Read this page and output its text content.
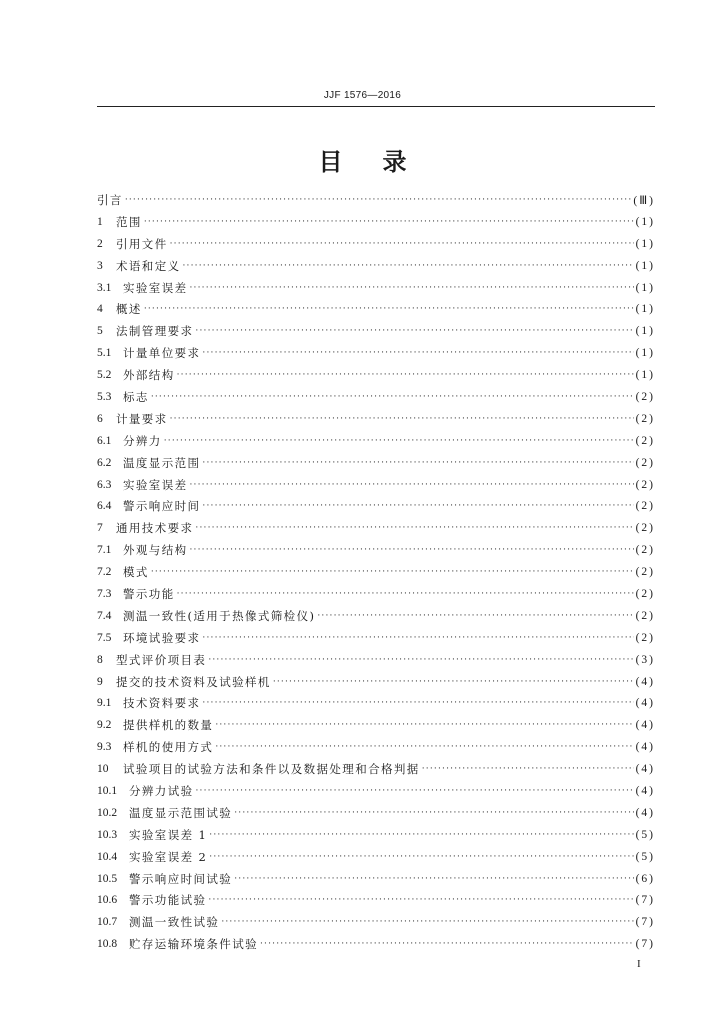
JJF 1576—2016
目 录
引言 ·····	(Ⅲ)
1	范围 ·····	(1)
2	引用文件 ·····	(1)
3	术语和定义 ·····	(1)
3.1	实验室误差 ·····	(1)
4	概述 ·····	(1)
5	法制管理要求 ·····	(1)
5.1	计量单位要求 ·····	(1)
5.2	外部结构 ·····	(1)
5.3	标志 ·····	(2)
6	计量要求 ·····	(2)
6.1	分辨力 ·····	(2)
6.2	温度显示范围 ·····	(2)
6.3	实验室误差 ·····	(2)
6.4	警示响应时间 ·····	(2)
7	通用技术要求 ·····	(2)
7.1	外观与结构 ·····	(2)
7.2	模式 ·····	(2)
7.3	警示功能 ·····	(2)
7.4	测温一致性(适用于热像式筛检仪) ·····	(2)
7.5	环境试验要求 ·····	(2)
8	型式评价项目表 ·····	(3)
9	提交的技术资料及试验样机 ·····	(4)
9.1	技术资料要求 ·····	(4)
9.2	提供样机的数量 ·····	(4)
9.3	样机的使用方式 ·····	(4)
10	试验项目的试验方法和条件以及数据处理和合格判据 ·····	(4)
10.1	分辨力试验 ·····	(4)
10.2	温度显示范围试验 ·····	(4)
10.3	实验室误差 1 ·····	(5)
10.4	实验室误差 2 ·····	(5)
10.5	警示响应时间试验 ·····	(6)
10.6	警示功能试验 ·····	(7)
10.7	测温一致性试验 ·····	(7)
10.8	贮存运输环境条件试验 ·····	(7)
I
